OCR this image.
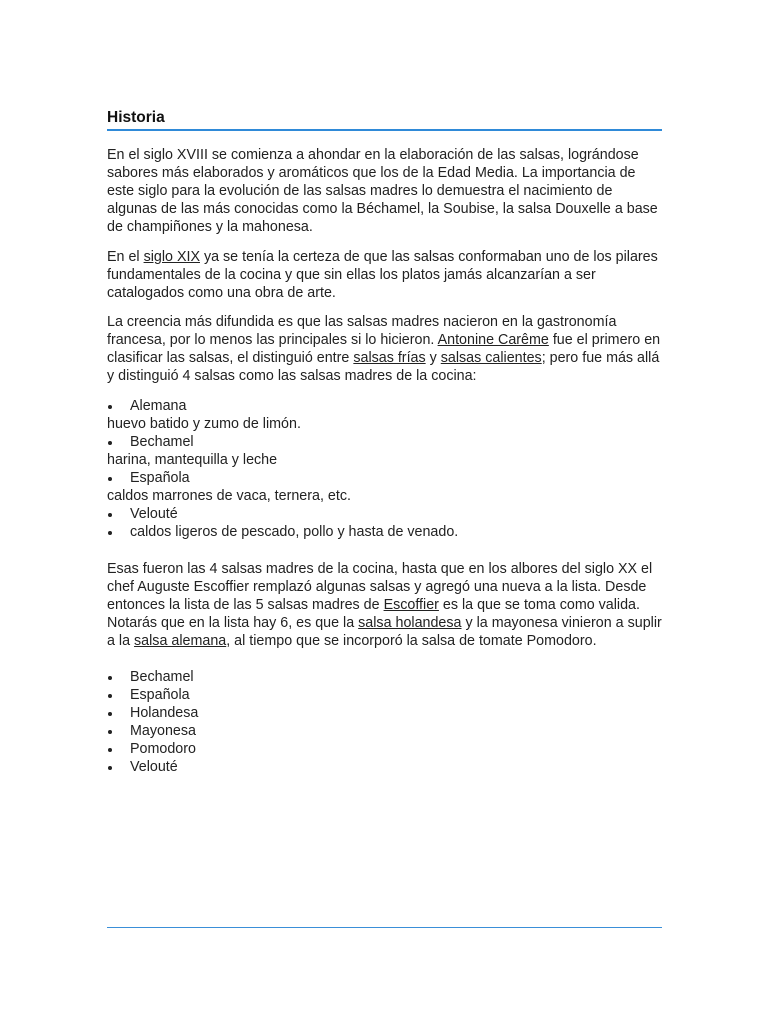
Historia

En el siglo XVIII se comienza a ahondar en la elaboración de las salsas, lográndose sabores más elaborados y aromáticos que los de la Edad Media. La importancia de este siglo para la evolución de las salsas madres lo demuestra el nacimiento de algunas de las más conocidas como la Béchamel, la Soubise, la salsa Douxelle a base de champiñones y la mahonesa.

En el siglo XIX ya se tenía la certeza de que las salsas conformaban uno de los pilares fundamentales de la cocina y que sin ellas los platos jamás alcanzarían a ser catalogados como una obra de arte.

La creencia más difundida es que las salsas madres nacieron en la gastronomía francesa, por lo menos las principales si lo hicieron. Antonine Carême fue el primero en clasificar las salsas, el distinguió entre salsas frías y salsas calientes; pero fue más allá y distinguió 4 salsas como las salsas madres de la cocina:

Alemana
huevo batido y zumo de limón.
Bechamel
harina, mantequilla y leche
Española
caldos marrones de vaca, ternera, etc.
Velouté
caldos ligeros de pescado, pollo y hasta de venado.

Esas fueron las 4 salsas madres de la cocina, hasta que en los albores del siglo XX el chef Auguste Escoffier remplazó algunas salsas y agregó una nueva a la lista. Desde entonces la lista de las 5 salsas madres de Escoffier es la que se toma como valida. Notarás que en la lista hay 6, es que la salsa holandesa y la mayonesa vinieron a suplir a la salsa alemana, al tiempo que se incorporó la salsa de tomate Pomodoro.

Bechamel
Española
Holandesa
Mayonesa
Pomodoro
Velouté
